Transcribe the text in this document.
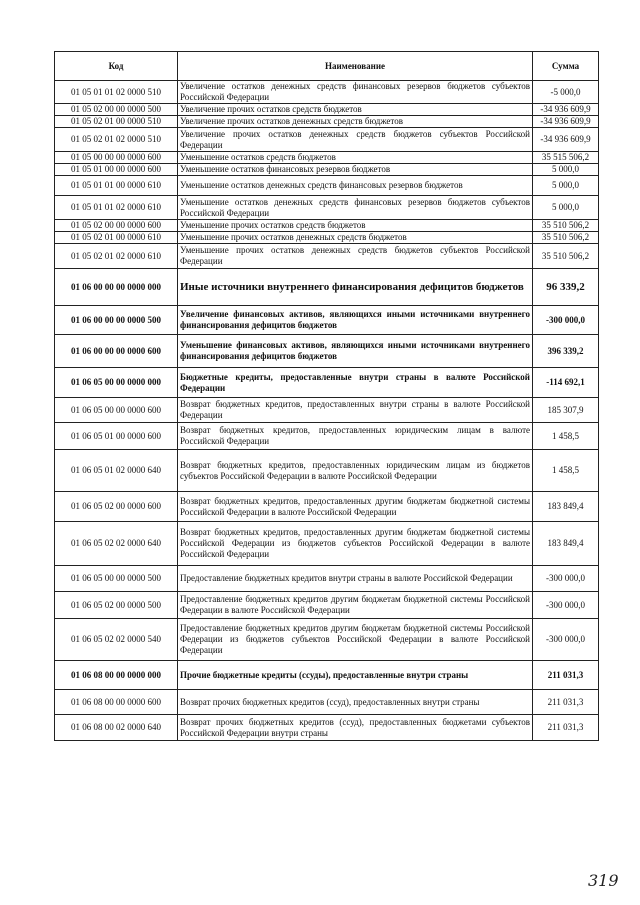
Код	Наименование	Сумма
01 05 01 01 02 0000 510	Увеличение остатков денежных средств финансовых резервов бюджетов субъектов Российской Федерации	-5 000,0
01 05 02 00 00 0000 500	Увеличение прочих остатков средств бюджетов	-34 936 609,9
01 05 02 01 00 0000 510	Увеличение прочих остатков денежных средств бюджетов	-34 936 609,9
01 05 02 01 02 0000 510	Увеличение прочих остатков денежных средств бюджетов субъектов Российской Федерации	-34 936 609,9
01 05 00 00 00 0000 600	Уменьшение остатков средств бюджетов	35 515 506,2
01 05 01 00 00 0000 600	Уменьшение остатков финансовых резервов бюджетов	5 000,0
01 05 01 01 00 0000 610	Уменьшение остатков денежных средств финансовых резервов бюджетов	5 000,0
01 05 01 01 02 0000 610	Уменьшение остатков денежных средств финансовых резервов бюджетов субъектов Российской Федерации	5 000,0
01 05 02 00 00 0000 600	Уменьшение прочих остатков средств бюджетов	35 510 506,2
01 05 02 01 00 0000 610	Уменьшение прочих остатков денежных средств бюджетов	35 510 506,2
01 05 02 01 02 0000 610	Уменьшение прочих остатков денежных средств бюджетов субъектов Российской Федерации	35 510 506,2
01 06 00 00 00 0000 000	Иные источники внутреннего финансирования дефицитов бюджетов	96 339,2
01 06 00 00 00 0000 500	Увеличение финансовых активов, являющихся иными источниками внутреннего финансирования дефицитов бюджетов	-300 000,0
01 06 00 00 00 0000 600	Уменьшение финансовых активов, являющихся иными источниками внутреннего финансирования дефицитов бюджетов	396 339,2
01 06 05 00 00 0000 000	Бюджетные кредиты, предоставленные внутри страны в валюте Российской Федерации	-114 692,1
01 06 05 00 00 0000 600	Возврат бюджетных кредитов, предоставленных внутри страны в валюте Российской Федерации	185 307,9
01 06 05 01 00 0000 600	Возврат бюджетных кредитов, предоставленных юридическим лицам в валюте Российской Федерации	1 458,5
01 06 05 01 02 0000 640	Возврат бюджетных кредитов, предоставленных юридическим лицам из бюджетов субъектов Российской Федерации в валюте Российской Федерации	1 458,5
01 06 05 02 00 0000 600	Возврат бюджетных кредитов, предоставленных другим бюджетам бюджетной системы Российской Федерации в валюте Российской Федерации	183 849,4
01 06 05 02 02 0000 640	Возврат бюджетных кредитов, предоставленных другим бюджетам бюджетной системы Российской Федерации из бюджетов субъектов Российской Федерации в валюте Российской Федерации	183 849,4
01 06 05 00 00 0000 500	Предоставление бюджетных кредитов внутри страны в валюте Российской Федерации	-300 000,0
01 06 05 02 00 0000 500	Предоставление бюджетных кредитов другим бюджетам бюджетной системы Российской Федерации в валюте Российской Федерации	-300 000,0
01 06 05 02 02 0000 540	Предоставление бюджетных кредитов другим бюджетам бюджетной системы Российской Федерации из бюджетов субъектов Российской Федерации в валюте Российской Федерации	-300 000,0
01 06 08 00 00 0000 000	Прочие бюджетные кредиты (ссуды), предоставленные внутри страны	211 031,3
01 06 08 00 00 0000 600	Возврат прочих бюджетных кредитов (ссуд), предоставленных внутри страны	211 031,3
01 06 08 00 02 0000 640	Возврат прочих бюджетных кредитов (ссуд), предоставленных бюджетами субъектов Российской Федерации внутри страны	211 031,3
319
